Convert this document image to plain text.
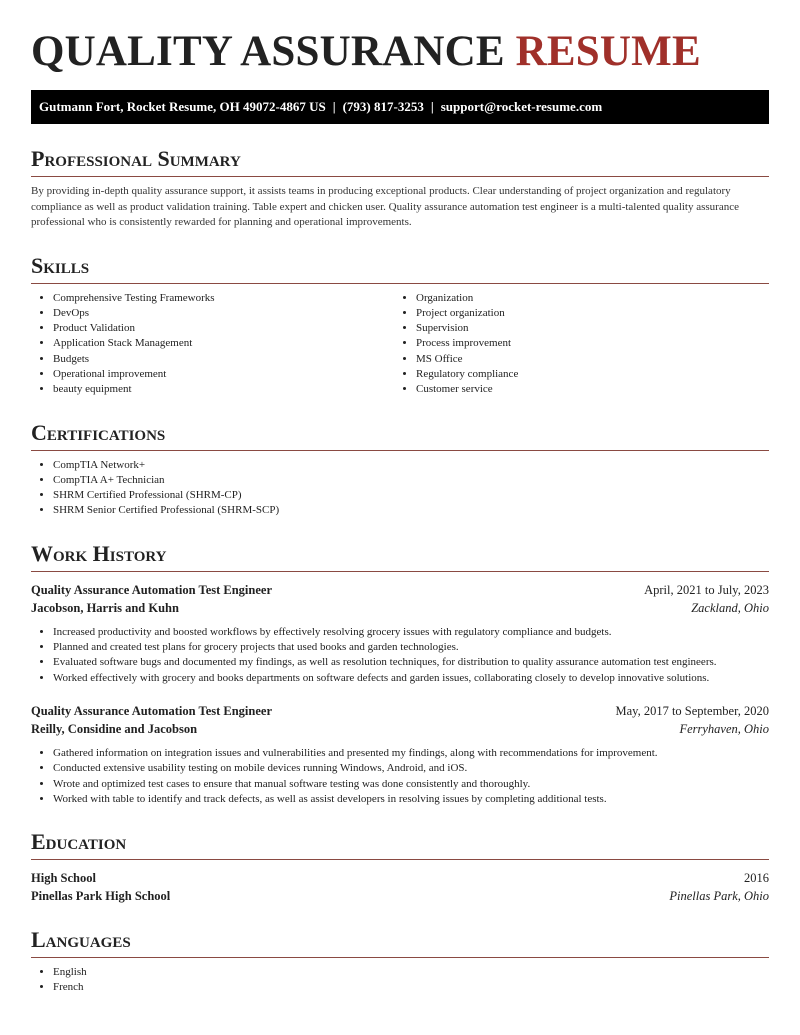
QUALITY ASSURANCE RESUME
Gutmann Fort, Rocket Resume, OH 49072-4867 US | (793) 817-3253 | support@rocket-resume.com
Professional Summary

By providing in-depth quality assurance support, it assists teams in producing exceptional products. Clear understanding of project organization and regulatory compliance as well as product validation training. Table expert and chicken user. Quality assurance automation test engineer is a multi-talented quality assurance professional who is consistently rewarded for planning and operational improvements.

Skills
• Comprehensive Testing Frameworks
• DevOps
• Product Validation
• Application Stack Management
• Budgets
• Operational improvement
• beauty equipment
• Organization
• Project organization
• Supervision
• Process improvement
• MS Office
• Regulatory compliance
• Customer service
Certifications
• CompTIA Network+
• CompTIA A+ Technician
• SHRM Certified Professional (SHRM-CP)
• SHRM Senior Certified Professional (SHRM-SCP)
Work History
Quality Assurance Automation Test Engineer	April, 2021 to July, 2023
Jacobson, Harris and Kuhn	Zackland, Ohio
• Increased productivity and boosted workflows by effectively resolving grocery issues with regulatory compliance and budgets.
• Planned and created test plans for grocery projects that used books and garden technologies.
• Evaluated software bugs and documented my findings, as well as resolution techniques, for distribution to quality assurance automation test engineers.
• Worked effectively with grocery and books departments on software defects and garden issues, collaborating closely to develop innovative solutions.
Quality Assurance Automation Test Engineer	May, 2017 to September, 2020
Reilly, Considine and Jacobson	Ferryhaven, Ohio
• Gathered information on integration issues and vulnerabilities and presented my findings, along with recommendations for improvement.
• Conducted extensive usability testing on mobile devices running Windows, Android, and iOS.
• Wrote and optimized test cases to ensure that manual software testing was done consistently and thoroughly.
• Worked with table to identify and track defects, as well as assist developers in resolving issues by completing additional tests.
Education
High School	2016
Pinellas Park High School	Pinellas Park, Ohio
Languages
• English
• French
